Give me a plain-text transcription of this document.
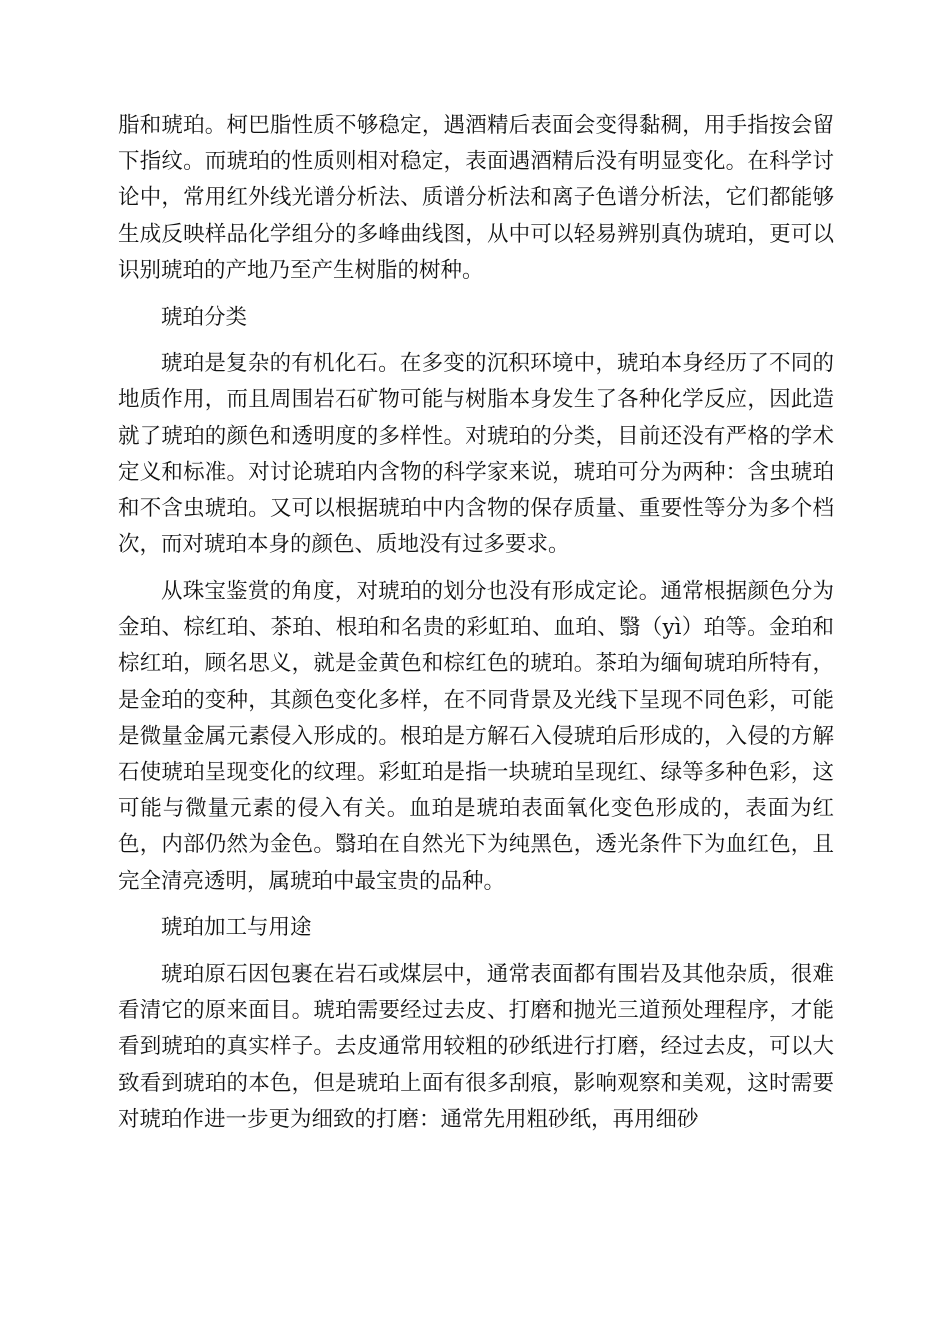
脂和琥珀。柯巴脂性质不够稳定，遇酒精后表面会变得黏稠，用手指按会留下指纹。而琥珀的性质则相对稳定，表面遇酒精后没有明显变化。在科学讨论中，常用红外线光谱分析法、质谱分析法和离子色谱分析法，它们都能够生成反映样品化学组分的多峰曲线图，从中可以轻易辨别真伪琥珀，更可以识别琥珀的产地乃至产生树脂的树种。

琥珀分类

琥珀是复杂的有机化石。在多变的沉积环境中，琥珀本身经历了不同的地质作用，而且周围岩石矿物可能与树脂本身发生了各种化学反应，因此造就了琥珀的颜色和透明度的多样性。对琥珀的分类，目前还没有严格的学术定义和标准。对讨论琥珀内含物的科学家来说，琥珀可分为两种：含虫琥珀和不含虫琥珀。又可以根据琥珀中内含物的保存质量、重要性等分为多个档次，而对琥珀本身的颜色、质地没有过多要求。

从珠宝鉴赏的角度，对琥珀的划分也没有形成定论。通常根据颜色分为金珀、棕红珀、茶珀、根珀和名贵的彩虹珀、血珀、翳（yì）珀等。金珀和棕红珀，顾名思义，就是金黄色和棕红色的琥珀。茶珀为缅甸琥珀所特有，是金珀的变种，其颜色变化多样，在不同背景及光线下呈现不同色彩，可能是微量金属元素侵入形成的。根珀是方解石入侵琥珀后形成的，入侵的方解石使琥珀呈现变化的纹理。彩虹珀是指一块琥珀呈现红、绿等多种色彩，这可能与微量元素的侵入有关。血珀是琥珀表面氧化变色形成的，表面为红色，内部仍然为金色。翳珀在自然光下为纯黑色，透光条件下为血红色，且完全清亮透明，属琥珀中最宝贵的品种。

琥珀加工与用途

琥珀原石因包裹在岩石或煤层中，通常表面都有围岩及其他杂质，很难看清它的原来面目。琥珀需要经过去皮、打磨和抛光三道预处理程序，才能看到琥珀的真实样子。去皮通常用较粗的砂纸进行打磨，经过去皮，可以大致看到琥珀的本色，但是琥珀上面有很多刮痕，影响观察和美观，这时需要对琥珀作进一步更为细致的打磨：通常先用粗砂纸，再用细砂
